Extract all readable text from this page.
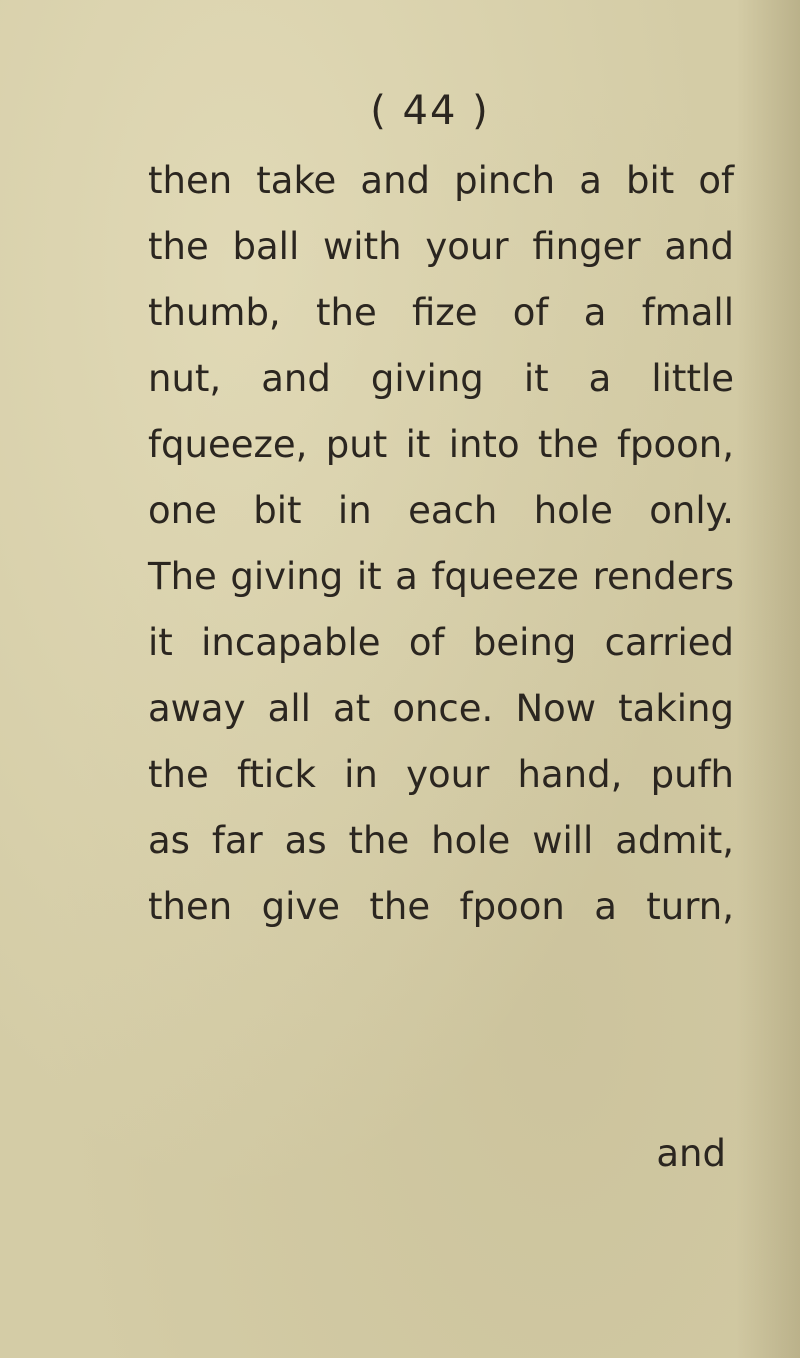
( 44 )
then take and pinch a bit of
the ball with your finger and
thumb, the fize of a fmall
nut, and giving it a little
fqueeze, put it into the fpoon,
one bit in each hole only.
The giving it a fqueeze renders
it incapable of being carried
away all at once. Now taking
the ftick in your hand, pufh
as far as the hole will admit,
then give the fpoon a turn,
and
